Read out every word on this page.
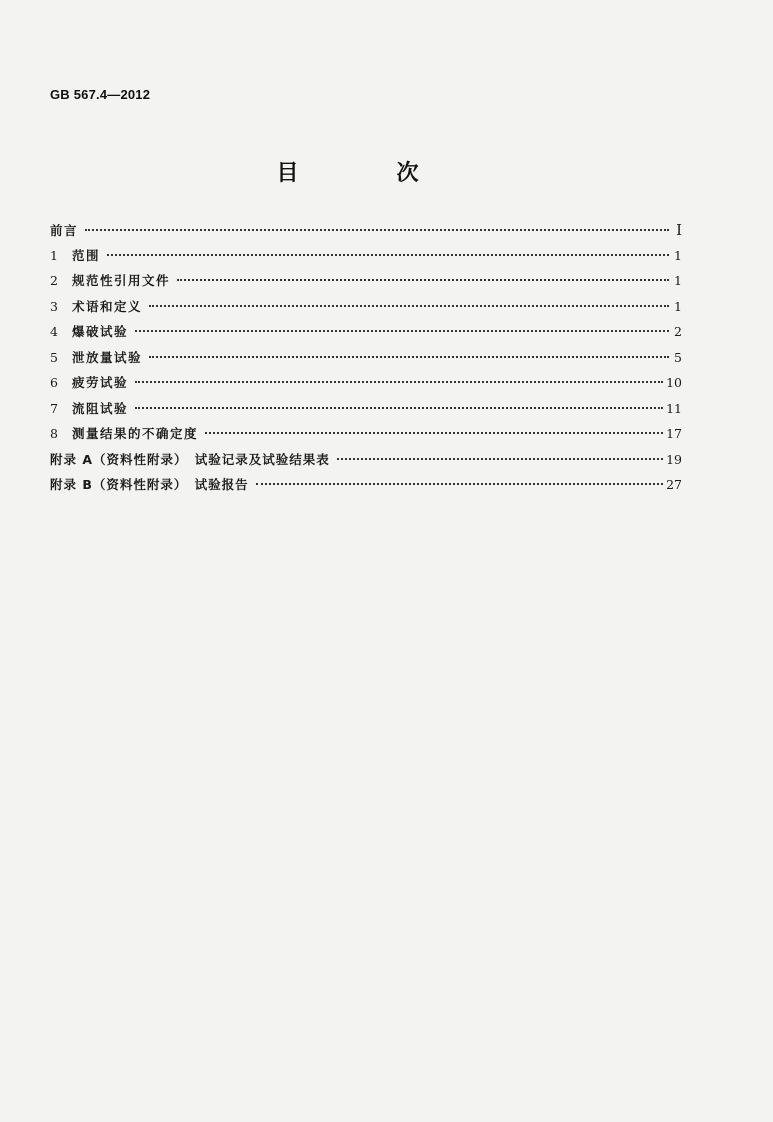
GB 567.4—2012
目　次
前言	I
1	范围	1
2	规范性引用文件	1
3	术语和定义	1
4	爆破试验	2
5	泄放量试验	5
6	疲劳试验	10
7	流阻试验	11
8	测量结果的不确定度	17
附录 A（资料性附录）　试验记录及试验结果表	19
附录 B（资料性附录）　试验报告	27
